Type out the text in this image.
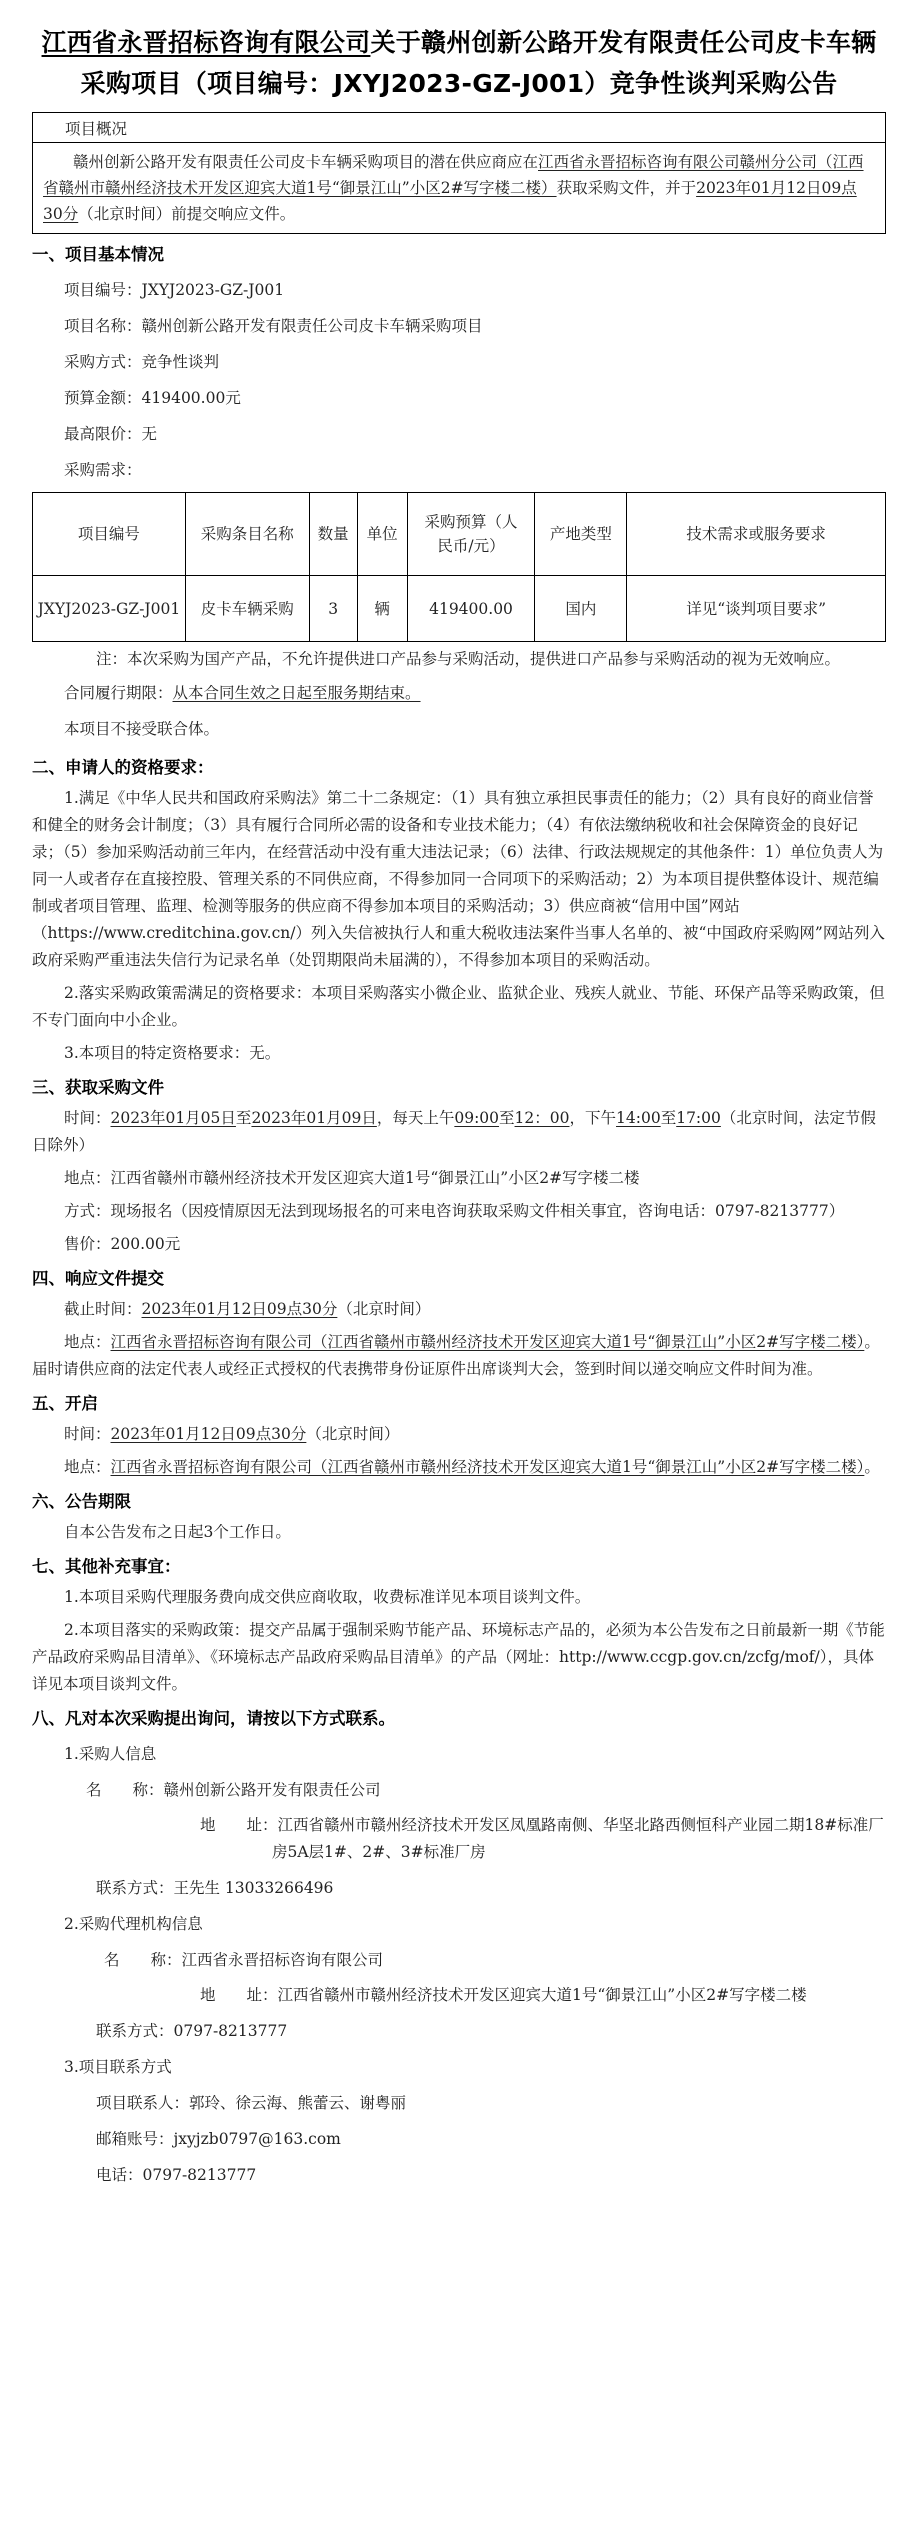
江西省永晋招标咨询有限公司关于赣州创新公路开发有限责任公司皮卡车辆采购项目（项目编号：JXYJ2023-GZ-J001）竞争性谈判采购公告
项目概况
赣州创新公路开发有限责任公司皮卡车辆采购项目的潜在供应商应在江西省永晋招标咨询有限公司赣州分公司（江西省赣州市赣州经济技术开发区迎宾大道1号“御景江山”小区2#写字楼二楼）获取采购文件，并于2023年01月12日09点30分（北京时间）前提交响应文件。
一、项目基本情况
项目编号：JXYJ2023-GZ-J001
项目名称：赣州创新公路开发有限责任公司皮卡车辆采购项目
采购方式：竞争性谈判
预算金额：419400.00元
最高限价：无
采购需求：
项目编号	采购条目名称	数量	单位	采购预算（人民币/元）	产地类型	技术需求或服务要求
JXYJ2023-GZ-J001	皮卡车辆采购	3	辆	419400.00	国内	详见“谈判项目要求”
注：本次采购为国产产品，不允许提供进口产品参与采购活动，提供进口产品参与采购活动的视为无效响应。
合同履行期限：从本合同生效之日起至服务期结束。
本项目不接受联合体。
二、申请人的资格要求：

1.满足《中华人民共和国政府采购法》第二十二条规定：（1）具有独立承担民事责任的能力；（2）具有良好的商业信誉和健全的财务会计制度；（3）具有履行合同所必需的设备和专业技术能力；（4）有依法缴纳税收和社会保障资金的良好记录；（5）参加采购活动前三年内，在经营活动中没有重大违法记录；（6）法律、行政法规规定的其他条件：1）单位负责人为同一人或者存在直接控股、管理关系的不同供应商，不得参加同一合同项下的采购活动；2）为本项目提供整体设计、规范编制或者项目管理、监理、检测等服务的供应商不得参加本项目的采购活动；3）供应商被“信用中国”网站（https://www.creditchina.gov.cn/）列入失信被执行人和重大税收违法案件当事人名单的、被“中国政府采购网”网站列入政府采购严重违法失信行为记录名单（处罚期限尚未届满的），不得参加本项目的采购活动。

2.落实采购政策需满足的资格要求：本项目采购落实小微企业、监狱企业、残疾人就业、节能、环保产品等采购政策，但不专门面向中小企业。

3.本项目的特定资格要求：无。

三、获取采购文件

时间：2023年01月05日至2023年01月09日，每天上午09:00至12：00，下午14:00至17:00（北京时间，法定节假日除外）

地点：江西省赣州市赣州经济技术开发区迎宾大道1号“御景江山”小区2#写字楼二楼

方式：现场报名（因疫情原因无法到现场报名的可来电咨询获取采购文件相关事宜，咨询电话：0797-8213777）

售价：200.00元

四、响应文件提交

截止时间：2023年01月12日09点30分（北京时间）

地点：江西省永晋招标咨询有限公司（江西省赣州市赣州经济技术开发区迎宾大道1号“御景江山”小区2#写字楼二楼）。届时请供应商的法定代表人或经正式授权的代表携带身份证原件出席谈判大会，签到时间以递交响应文件时间为准。

五、开启

时间：2023年01月12日09点30分（北京时间）

地点：江西省永晋招标咨询有限公司（江西省赣州市赣州经济技术开发区迎宾大道1号“御景江山”小区2#写字楼二楼）。

六、公告期限

自本公告发布之日起3个工作日。

七、其他补充事宜：

1.本项目采购代理服务费向成交供应商收取，收费标准详见本项目谈判文件。

2.本项目落实的采购政策：提交产品属于强制采购节能产品、环境标志产品的，必须为本公告发布之日前最新一期《节能产品政府采购品目清单》、《环境标志产品政府采购品目清单》的产品（网址：http://www.ccgp.gov.cn/zcfg/mof/），具体详见本项目谈判文件。

八、凡对本次采购提出询问，请按以下方式联系。
1.采购人信息
名　　称：赣州创新公路开发有限责任公司

地　　址：江西省赣州市赣州经济技术开发区凤凰路南侧、华坚北路西侧恒科产业园二期18#标准厂房5A层1#、2#、3#标准厂房

联系方式：王先生 13033266496
2.采购代理机构信息
名　　称：江西省永晋招标咨询有限公司

地　　址：江西省赣州市赣州经济技术开发区迎宾大道1号“御景江山”小区2#写字楼二楼

联系方式：0797-8213777
3.项目联系方式
项目联系人：郭玲、徐云海、熊蕾云、谢粤丽
邮箱账号：jxyjzb0797@163.com
电话：0797-8213777
